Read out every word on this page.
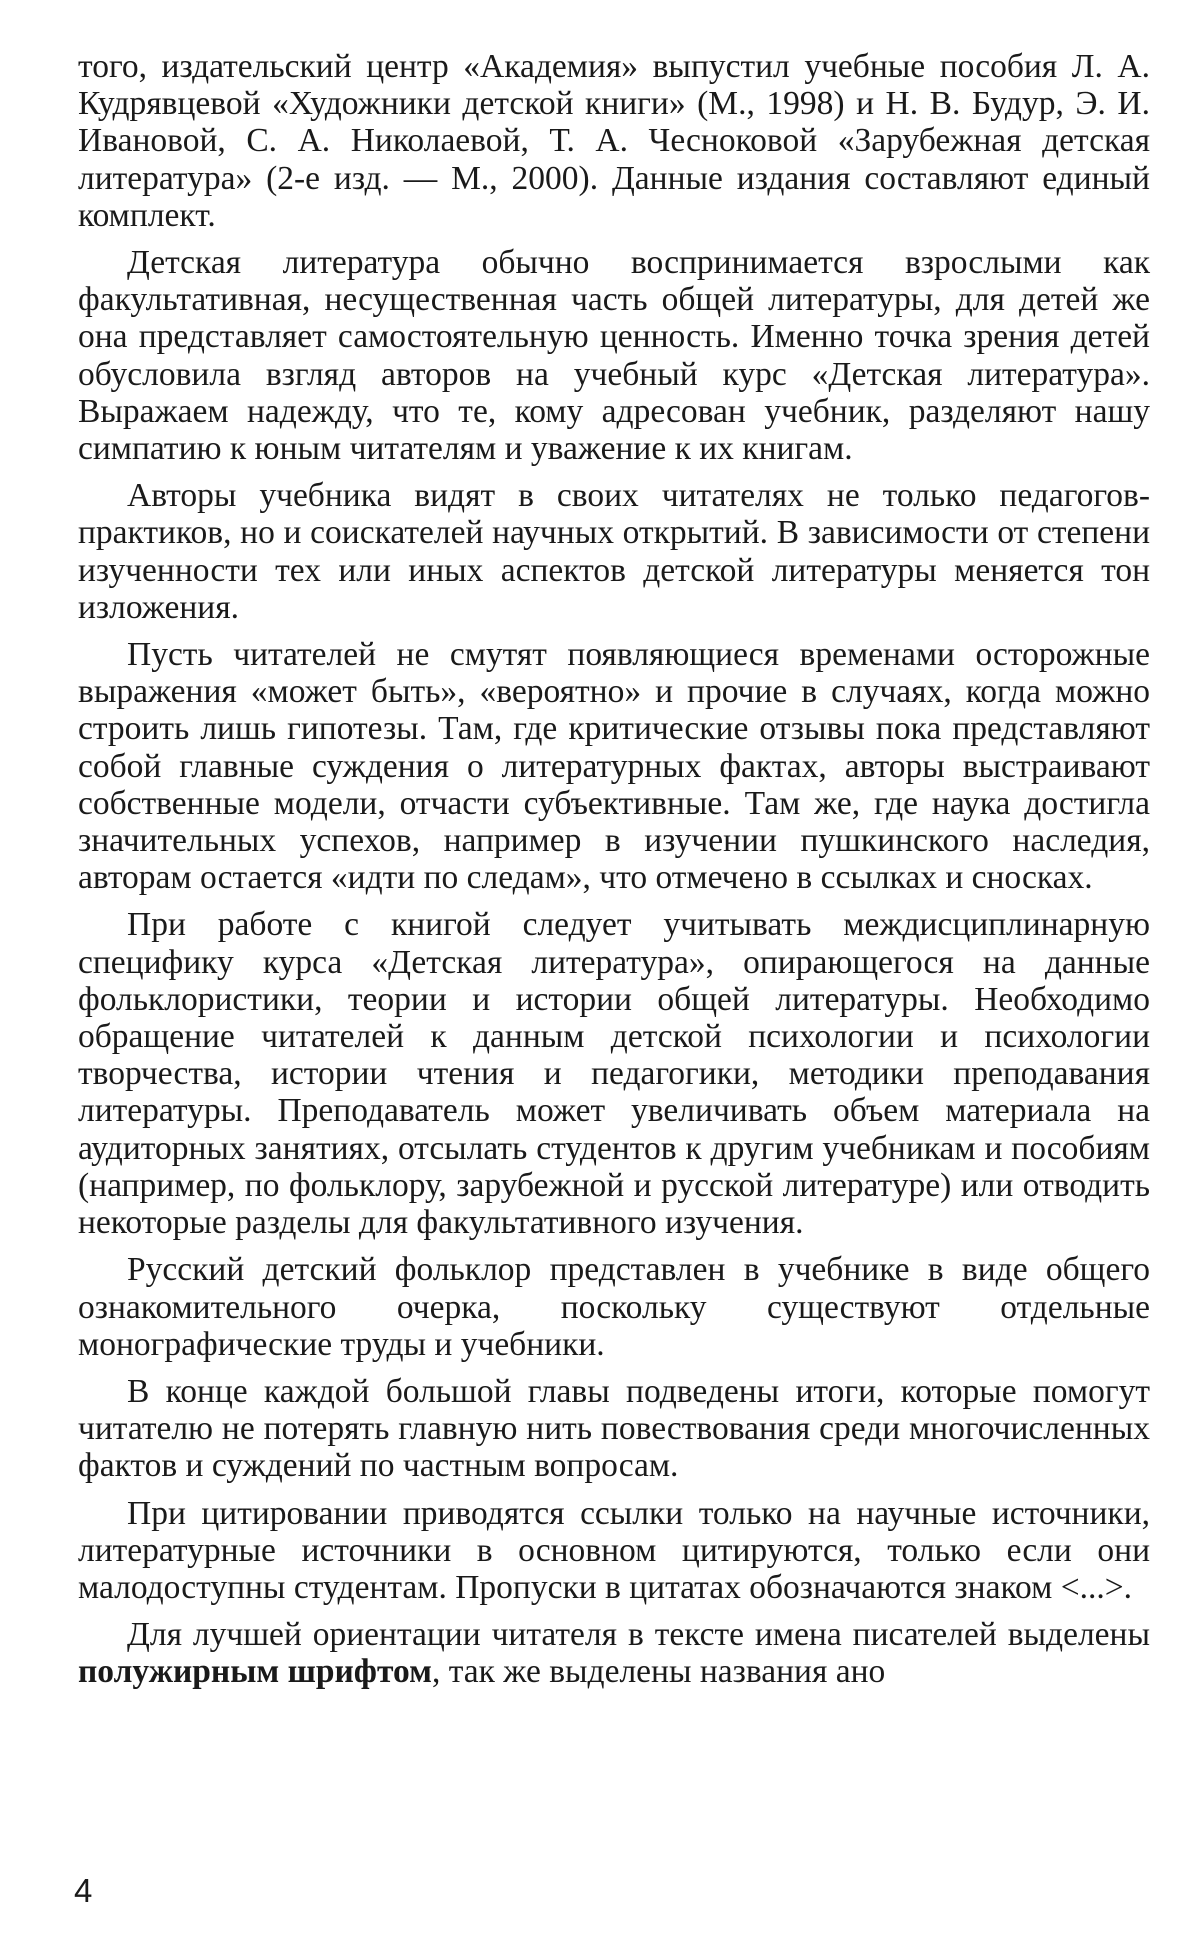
того, издательский центр «Академия» выпустил учебные пособия Л. А. Кудрявцевой «Художники детской книги» (М., 1998) и Н. В. Будур, Э. И. Ивановой, С. А. Николаевой, Т. А. Чесноковой «Зарубежная детская литература» (2-е изд. — М., 2000). Данные издания составляют единый комплект.

Детская литература обычно воспринимается взрослыми как факультативная, несущественная часть общей литературы, для детей же она представляет самостоятельную ценность. Именно точка зрения детей обусловила взгляд авторов на учебный курс «Детская литература». Выражаем надежду, что те, кому адресован учебник, разделяют нашу симпатию к юным читателям и уважение к их книгам.

Авторы учебника видят в своих читателях не только педагогов-практиков, но и соискателей научных открытий. В зависимости от степени изученности тех или иных аспектов детской литературы меняется тон изложения.

Пусть читателей не смутят появляющиеся временами осторожные выражения «может быть», «вероятно» и прочие в случаях, когда можно строить лишь гипотезы. Там, где критические отзывы пока представляют собой главные суждения о литературных фактах, авторы выстраивают собственные модели, отчасти субъективные. Там же, где наука достигла значительных успехов, например в изучении пушкинского наследия, авторам остается «идти по следам», что отмечено в ссылках и сносках.

При работе с книгой следует учитывать междисциплинарную специфику курса «Детская литература», опирающегося на данные фольклористики, теории и истории общей литературы. Необходимо обращение читателей к данным детской психологии и психологии творчества, истории чтения и педагогики, методики преподавания литературы. Преподаватель может увеличивать объем материала на аудиторных занятиях, отсылать студентов к другим учебникам и пособиям (например, по фольклору, зарубежной и русской литературе) или отводить некоторые разделы для факультативного изучения.

Русский детский фольклор представлен в учебнике в виде общего ознакомительного очерка, поскольку существуют отдельные монографические труды и учебники.

В конце каждой большой главы подведены итоги, которые помогут читателю не потерять главную нить повествования среди многочисленных фактов и суждений по частным вопросам.

При цитировании приводятся ссылки только на научные источники, литературные источники в основном цитируются, только если они малодоступны студентам. Пропуски в цитатах обозначаются знаком <...>.

Для лучшей ориентации читателя в тексте имена писателей выделены полужирным шрифтом, так же выделены названия ано

4
